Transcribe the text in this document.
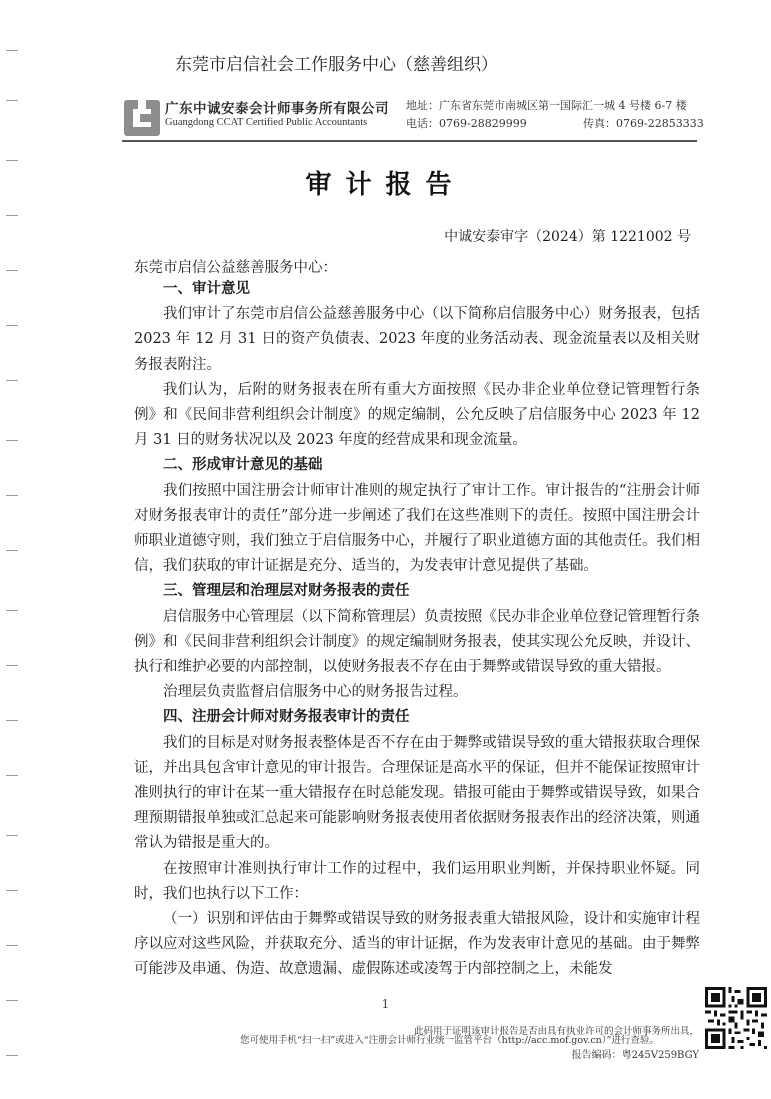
东莞市启信社会工作服务中心（慈善组织）
广东中诚安泰会计师事务所有限公司
Guangdong CCAT Certified Public Accountants
地址：广东省东莞市南城区第一国际汇一城 4 号楼 6-7 楼
电话：0769-28829999	传真：0769-22853333
审计报告
中诚安泰审字（2024）第 1221002 号
东莞市启信公益慈善服务中心：
一、审计意见

我们审计了东莞市启信公益慈善服务中心（以下简称启信服务中心）财务报表，包括 2023 年 12 月 31 日的资产负债表、2023 年度的业务活动表、现金流量表以及相关财务报表附注。

我们认为，后附的财务报表在所有重大方面按照《民办非企业单位登记管理暂行条例》和《民间非营利组织会计制度》的规定编制，公允反映了启信服务中心 2023 年 12 月 31 日的财务状况以及 2023 年度的经营成果和现金流量。

二、形成审计意见的基础

我们按照中国注册会计师审计准则的规定执行了审计工作。审计报告的“注册会计师对财务报表审计的责任”部分进一步阐述了我们在这些准则下的责任。按照中国注册会计师职业道德守则，我们独立于启信服务中心，并履行了职业道德方面的其他责任。我们相信，我们获取的审计证据是充分、适当的，为发表审计意见提供了基础。

三、管理层和治理层对财务报表的责任

启信服务中心管理层（以下简称管理层）负责按照《民办非企业单位登记管理暂行条例》和《民间非营利组织会计制度》的规定编制财务报表，使其实现公允反映，并设计、执行和维护必要的内部控制，以使财务报表不存在由于舞弊或错误导致的重大错报。

治理层负责监督启信服务中心的财务报告过程。

四、注册会计师对财务报表审计的责任

我们的目标是对财务报表整体是否不存在由于舞弊或错误导致的重大错报获取合理保证，并出具包含审计意见的审计报告。合理保证是高水平的保证，但并不能保证按照审计准则执行的审计在某一重大错报存在时总能发现。错报可能由于舞弊或错误导致，如果合理预期错报单独或汇总起来可能影响财务报表使用者依据财务报表作出的经济决策，则通常认为错报是重大的。

在按照审计准则执行审计工作的过程中，我们运用职业判断，并保持职业怀疑。同时，我们也执行以下工作：

（一）识别和评估由于舞弊或错误导致的财务报表重大错报风险，设计和实施审计程序以应对这些风险，并获取充分、适当的审计证据，作为发表审计意见的基础。由于舞弊可能涉及串通、伪造、故意遗漏、虚假陈述或凌驾于内部控制之上，未能发

1
此码用于证明该审计报告是否由具有执业许可的会计师事务所出具，
您可使用手机“扫一扫”或进入“注册会计师行业统一监管平台（http://acc.mof.gov.cn）”进行查验。
报告编码：粤245V259BGY
